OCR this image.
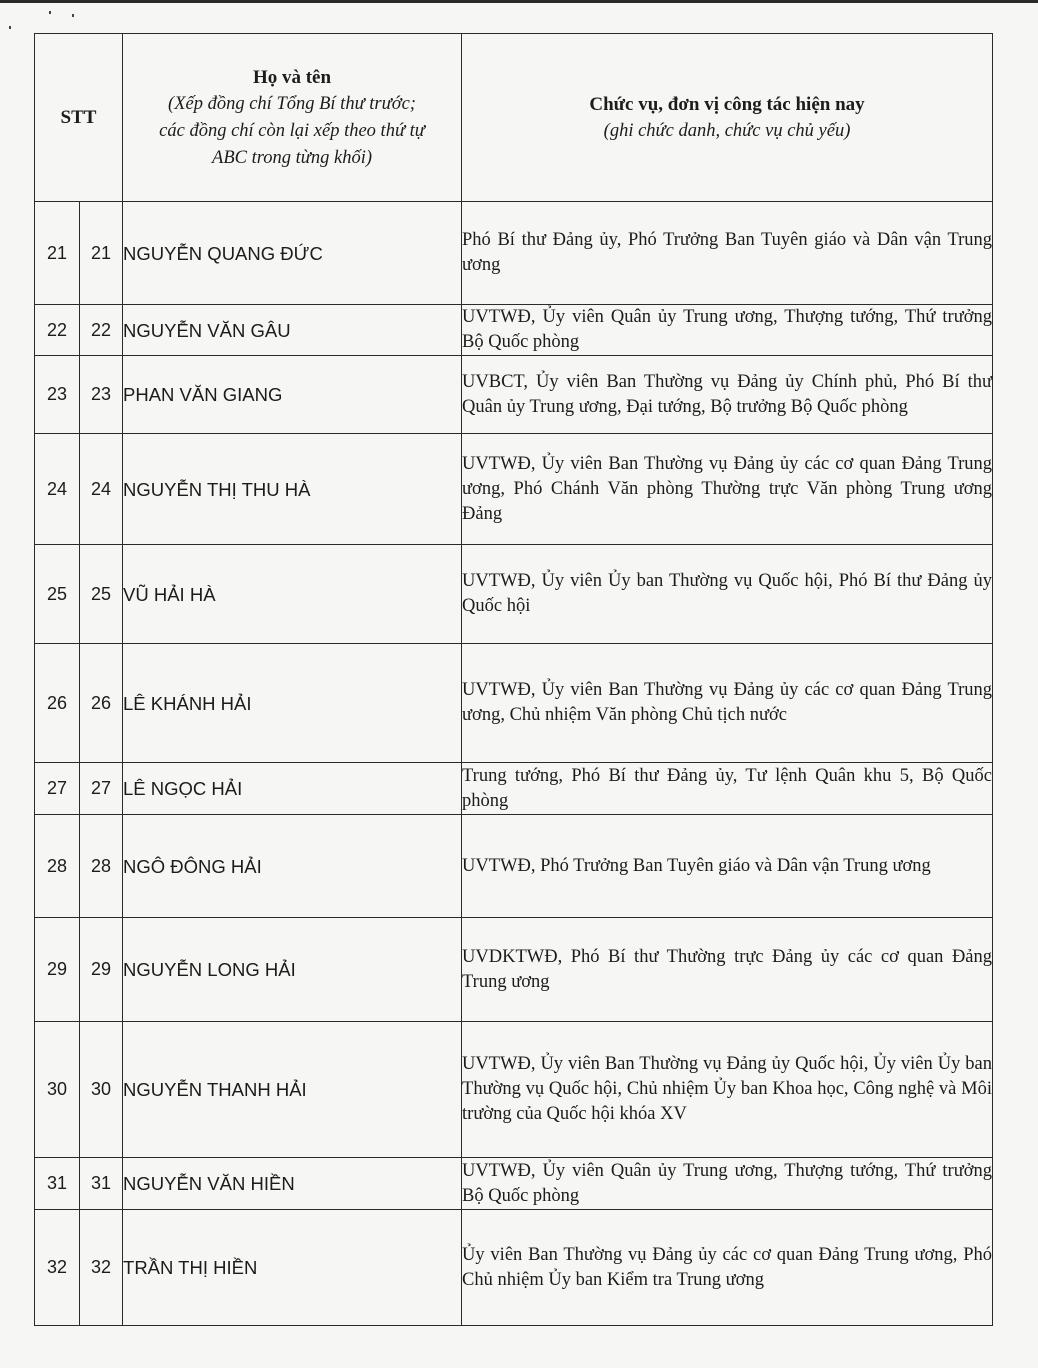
STT		Họ và tên
(Xếp đồng chí Tổng Bí thư trước;
các đồng chí còn lại xếp theo thứ tự
ABC trong từng khối)	Chức vụ, đơn vị công tác hiện nay
(ghi chức danh, chức vụ chủ yếu)

21	21	NGUYỄN QUANG ĐỨC	Phó Bí thư Đảng ủy, Phó Trưởng Ban Tuyên giáo và Dân vận Trung ương
22	22	NGUYỄN VĂN GÂU	UVTWĐ, Ủy viên Quân ủy Trung ương, Thượng tướng, Thứ trưởng Bộ Quốc phòng
23	23	PHAN VĂN GIANG	UVBCT, Ủy viên Ban Thường vụ Đảng ủy Chính phủ, Phó Bí thư Quân ủy Trung ương, Đại tướng, Bộ trưởng Bộ Quốc phòng
24	24	NGUYỄN THỊ THU HÀ	UVTWĐ, Ủy viên Ban Thường vụ Đảng ủy các cơ quan Đảng Trung ương, Phó Chánh Văn phòng Thường trực Văn phòng Trung ương Đảng
25	25	VŨ HẢI HÀ	UVTWĐ, Ủy viên Ủy ban Thường vụ Quốc hội, Phó Bí thư Đảng ủy Quốc hội
26	26	LÊ KHÁNH HẢI	UVTWĐ, Ủy viên Ban Thường vụ Đảng ủy các cơ quan Đảng Trung ương, Chủ nhiệm Văn phòng Chủ tịch nước
27	27	LÊ NGỌC HẢI	Trung tướng, Phó Bí thư Đảng ủy, Tư lệnh Quân khu 5, Bộ Quốc phòng
28	28	NGÔ ĐÔNG HẢI	UVTWĐ, Phó Trưởng Ban Tuyên giáo và Dân vận Trung ương
29	29	NGUYỄN LONG HẢI	UVDKTWĐ, Phó Bí thư Thường trực Đảng ủy các cơ quan Đảng Trung ương
30	30	NGUYỄN THANH HẢI	UVTWĐ, Ủy viên Ban Thường vụ Đảng ủy Quốc hội, Ủy viên Ủy ban Thường vụ Quốc hội, Chủ nhiệm Ủy ban Khoa học, Công nghệ và Môi trường của Quốc hội khóa XV
31	31	NGUYỄN VĂN HIỀN	UVTWĐ, Ủy viên Quân ủy Trung ương, Thượng tướng, Thứ trưởng Bộ Quốc phòng
32	32	TRẦN THỊ HIỀN	Ủy viên Ban Thường vụ Đảng ủy các cơ quan Đảng Trung ương, Phó Chủ nhiệm Ủy ban Kiểm tra Trung ương
